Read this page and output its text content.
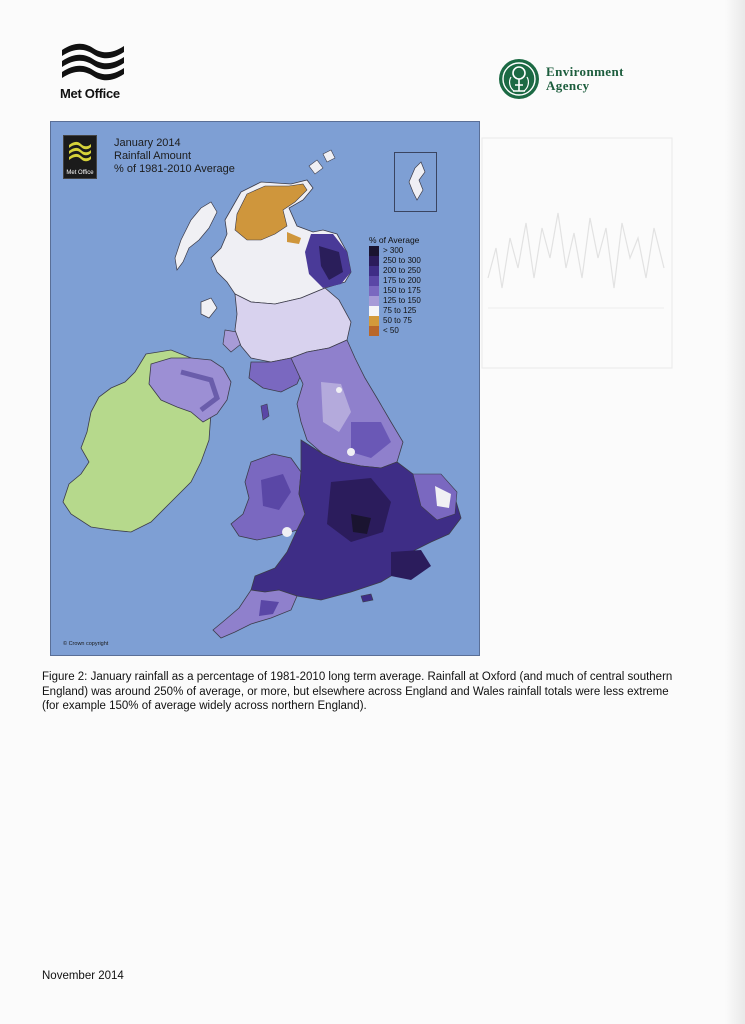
Met Office
Environment
Agency
Met Office
January 2014
Rainfall Amount
% of 1981-2010 Average
% of Average
> 300
250 to 300
200 to 250
175 to 200
150 to 175
125 to 150
75 to 125
50 to 75
< 50
© Crown copyright
Figure 2: January rainfall as a percentage of 1981-2010 long term average. Rainfall at Oxford (and much of central southern England) was around 250% of average, or more, but elsewhere across England and Wales rainfall totals were less extreme (for example 150% of average widely across northern England).
November 2014
